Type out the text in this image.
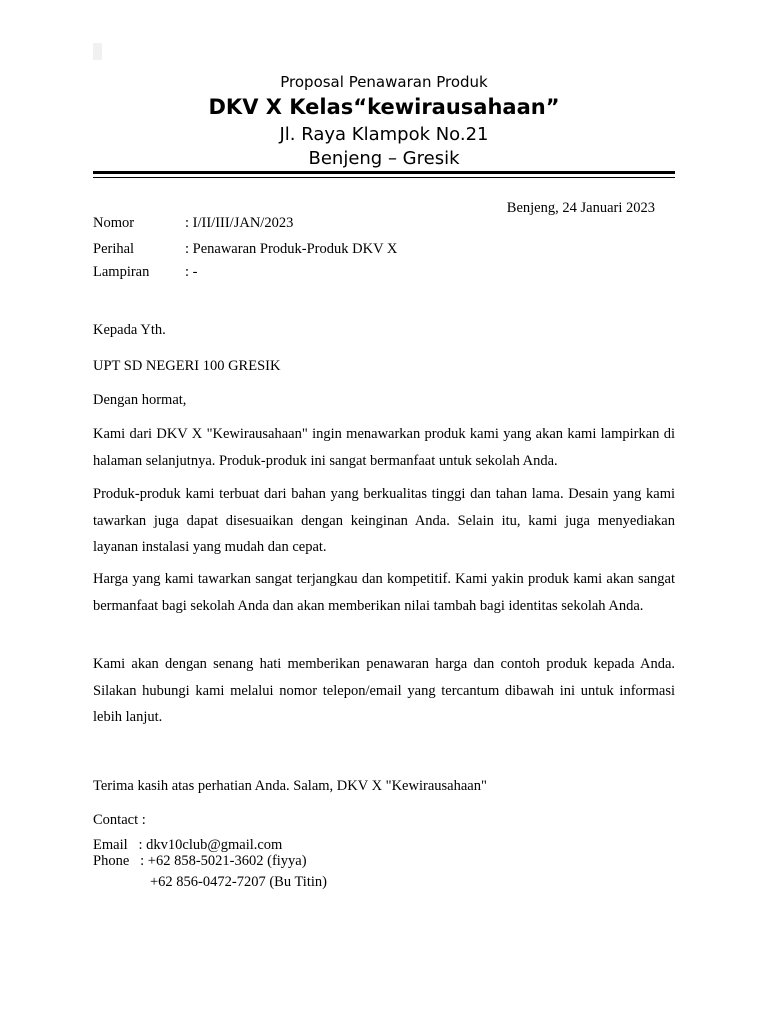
Proposal Penawaran Produk
DKV X Kelas“kewirausahaan”
Jl. Raya Klampok No.21
Benjeng – Gresik
Benjeng, 24 Januari 2023
Nomor	: I/II/III/JAN/2023
Perihal	: Penawaran Produk-Produk DKV X
Lampiran	: -
Kepada Yth.
UPT SD NEGERI 100 GRESIK
Dengan hormat,
Kami dari DKV X "Kewirausahaan" ingin menawarkan produk kami yang akan kami lampirkan di halaman selanjutnya. Produk-produk ini sangat bermanfaat untuk sekolah Anda.
Produk-produk kami terbuat dari bahan yang berkualitas tinggi dan tahan lama. Desain yang kami tawarkan juga dapat disesuaikan dengan keinginan Anda. Selain itu, kami juga menyediakan layanan instalasi yang mudah dan cepat.
Harga yang kami tawarkan sangat terjangkau dan kompetitif. Kami yakin produk kami akan sangat bermanfaat bagi sekolah Anda dan akan memberikan nilai tambah bagi identitas sekolah Anda.
Kami akan dengan senang hati memberikan penawaran harga dan contoh produk kepada Anda. Silakan hubungi kami melalui nomor telepon/email yang tercantum dibawah ini untuk informasi lebih lanjut.
Terima kasih atas perhatian Anda. Salam, DKV X "Kewirausahaan"
Contact :
Email   : dkv10club@gmail.com
Phone   : +62 858-5021-3602 (fiyya)
+62 856-0472-7207 (Bu Titin)
